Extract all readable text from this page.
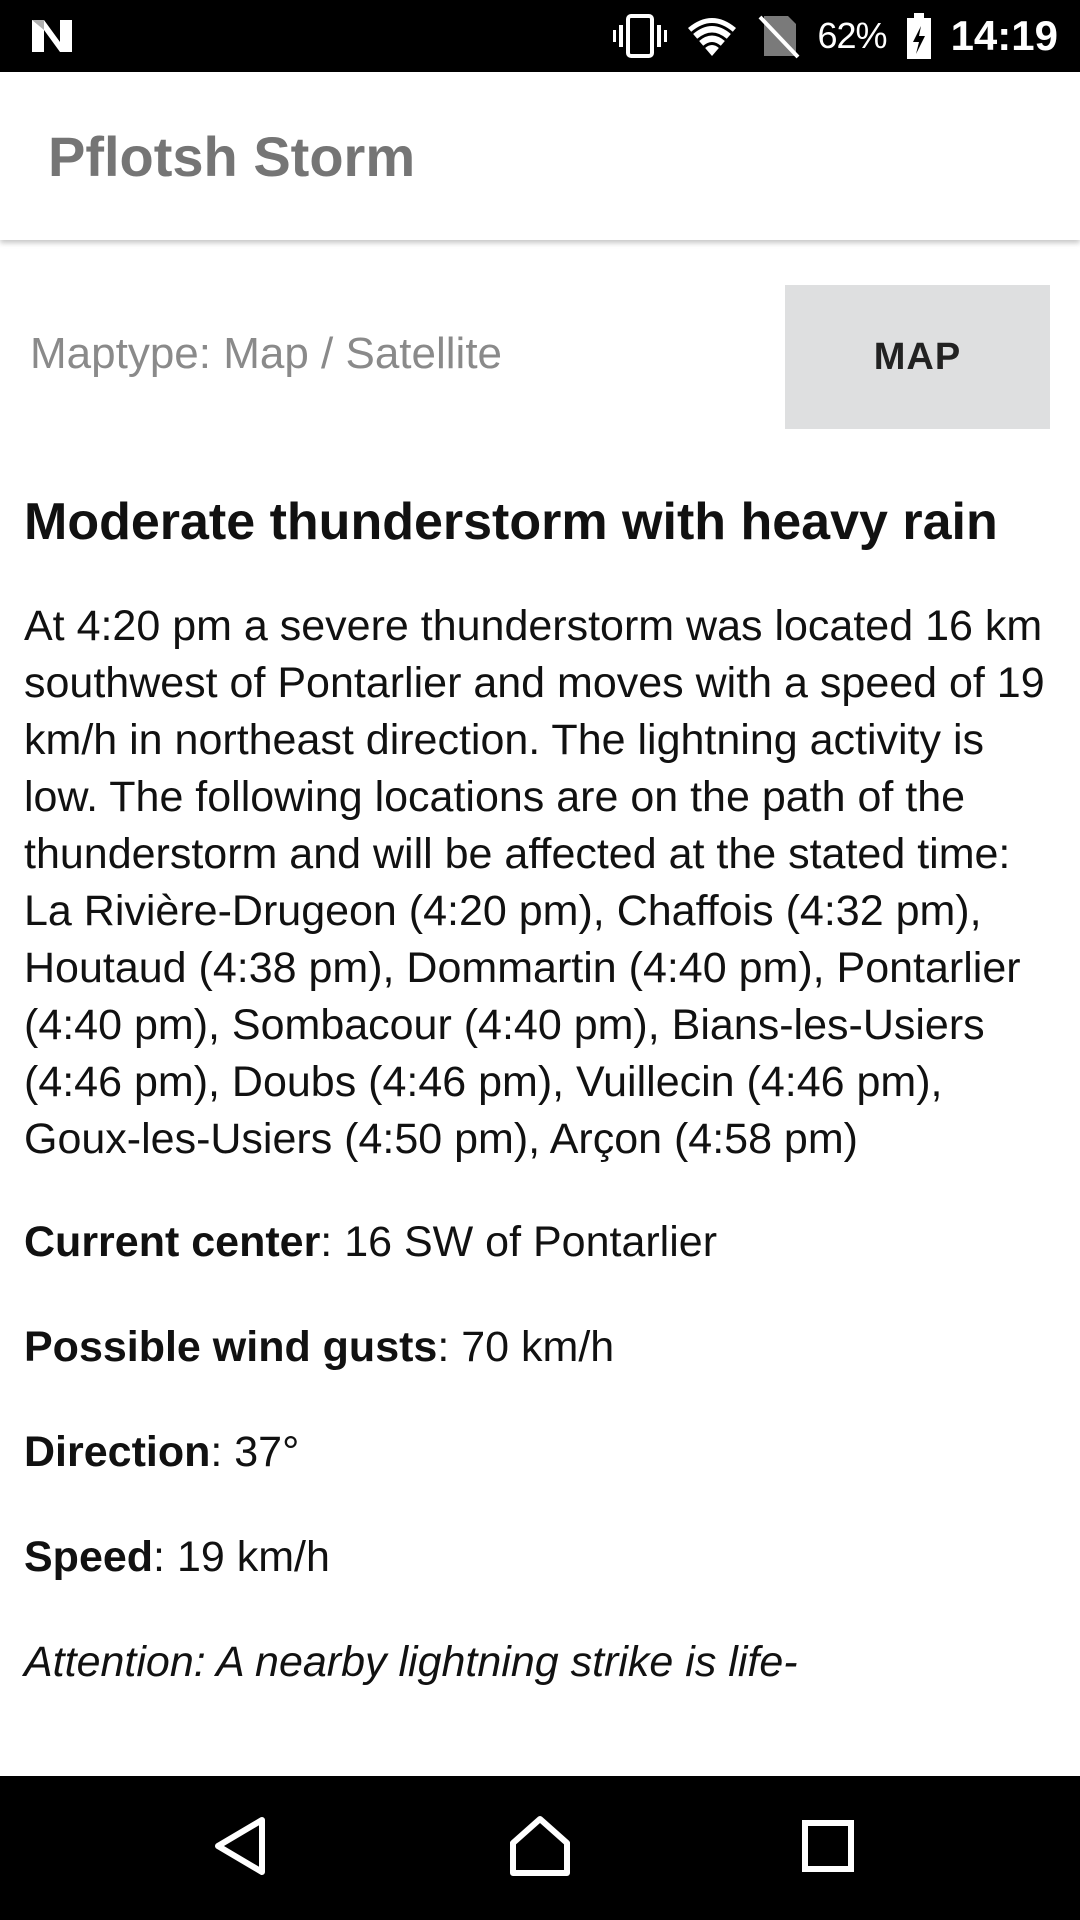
62% 14:19
Pflotsh Storm
Maptype: Map / Satellite	MAP
Moderate thunderstorm with heavy rain

At 4:20 pm a severe thunderstorm was located 16 km southwest of Pontarlier and moves with a speed of 19 km/h in northeast direction. The lightning activity is low. The following locations are on the path of the thunderstorm and will be affected at the stated time: La Rivière-Drugeon (4:20 pm), Chaffois (4:32 pm), Houtaud (4:38 pm), Dommartin (4:40 pm), Pontarlier (4:40 pm), Sombacour (4:40 pm), Bians-les-Usiers (4:46 pm), Doubs (4:46 pm), Vuillecin (4:46 pm), Goux-les-Usiers (4:50 pm), Arçon (4:58 pm)

Current center: 16 SW of Pontarlier

Possible wind gusts: 70 km/h

Direction: 37°

Speed: 19 km/h

Attention: A nearby lightning strike is life-
